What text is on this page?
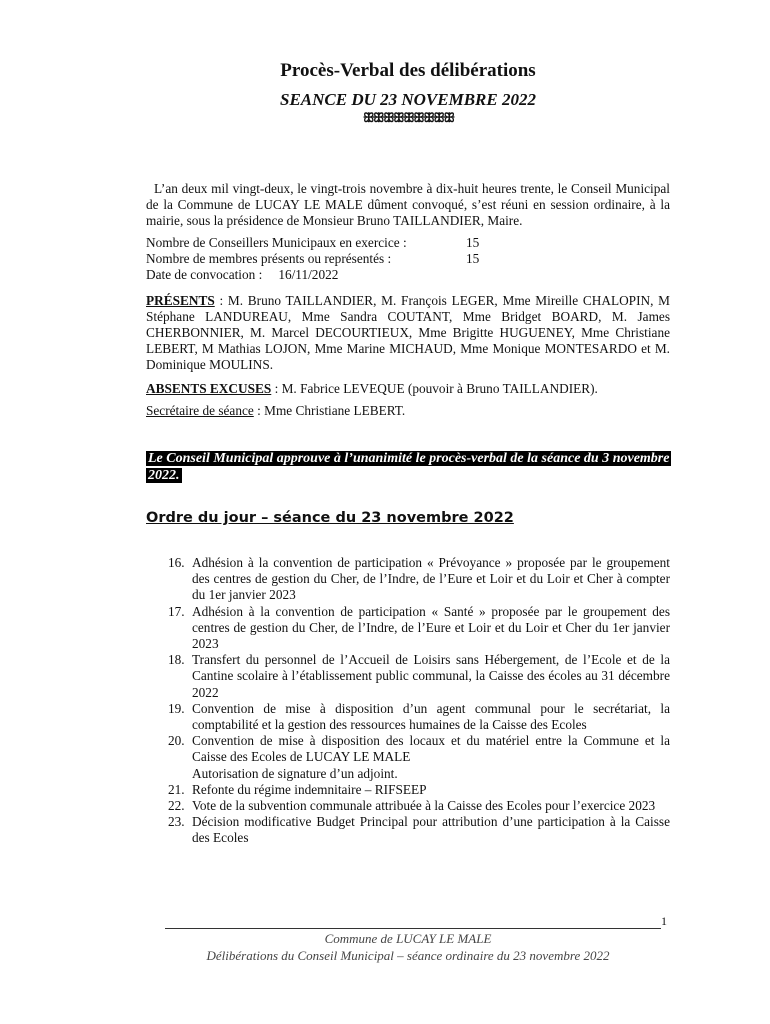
Procès-Verbal des délibérations
SEANCE DU 23 NOVEMBRE 2022
ꕥꕥꕥꕥꕥꕥꕥꕥꕥ
L’an deux mil vingt-deux, le vingt-trois novembre à dix-huit heures trente, le Conseil Municipal de la Commune de LUCAY LE MALE dûment convoqué, s’est réuni en session ordinaire, à la mairie, sous la présidence de Monsieur Bruno TAILLANDIER, Maire.
Nombre de Conseillers Municipaux en exercice :	15
Nombre de membres présents ou représentés :	15
Date de convocation : 16/11/2022
PRÉSENTS : M. Bruno TAILLANDIER, M. François LEGER, Mme Mireille CHALOPIN, M Stéphane LANDUREAU, Mme Sandra COUTANT, Mme Bridget BOARD, M. James CHERBONNIER, M. Marcel DECOURTIEUX, Mme Brigitte HUGUENEY, Mme Christiane LEBERT, M Mathias LOJON, Mme Marine MICHAUD, Mme Monique MONTESARDO et M. Dominique MOULINS.
ABSENTS EXCUSES : M. Fabrice LEVEQUE (pouvoir à Bruno TAILLANDIER).
Secrétaire de séance : Mme Christiane LEBERT.
Le Conseil Municipal approuve à l’unanimité le procès-verbal de la séance du 3 novembre 2022.
Ordre du jour – séance du 23 novembre 2022
16. Adhésion à la convention de participation « Prévoyance » proposée par le groupement des centres de gestion du Cher, de l’Indre, de l’Eure et Loir et du Loir et Cher à compter du 1er janvier 2023
17. Adhésion à la convention de participation « Santé » proposée par le groupement des centres de gestion du Cher, de l’Indre, de l’Eure et Loir et du Loir et Cher du 1er janvier 2023
18. Transfert du personnel de l’Accueil de Loisirs sans Hébergement, de l’Ecole et de la Cantine scolaire à l’établissement public communal, la Caisse des écoles au 31 décembre 2022
19. Convention de mise à disposition d’un agent communal pour le secrétariat, la comptabilité et la gestion des ressources humaines de la Caisse des Ecoles
20. Convention de mise à disposition des locaux et du matériel entre la Commune et la Caisse des Ecoles de LUCAY LE MALE
Autorisation de signature d’un adjoint.
21. Refonte du régime indemnitaire – RIFSEEP
22. Vote de la subvention communale attribuée à la Caisse des Ecoles pour l’exercice 2023
23. Décision modificative Budget Principal pour attribution d’une participation à la Caisse des Ecoles
1
Commune de LUCAY LE MALE
Délibérations du Conseil Municipal – séance ordinaire du 23 novembre 2022
